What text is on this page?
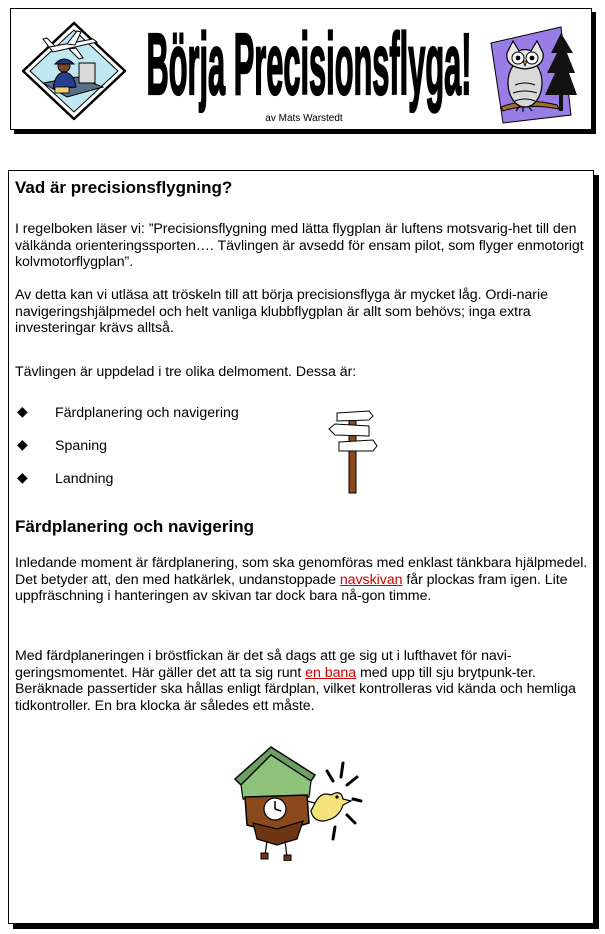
Börja Precisionsflyga!
av Mats Warstedt
Vad är precisionsflygning?

I regelboken läser vi: ”Precisionsflygning med lätta flygplan är luftens motsvarig-het till den välkända orienteringssporten…. Tävlingen är avsedd för ensam pilot, som flyger enmotorigt kolvmotorflygplan”.

Av detta kan vi utläsa att tröskeln till att börja precisionsflyga är mycket låg. Ordi-narie navigeringshjälpmedel och helt vanliga klubbflygplan är allt som behövs; inga extra investeringar krävs alltså.

Tävlingen är uppdelad i tre olika delmoment. Dessa är:

◆ Färdplanering och navigering
◆ Spaning
◆ Landning
Färdplanering och navigering

Inledande moment är färdplanering, som ska genomföras med enklast tänkbara hjälpmedel. Det betyder att, den med hatkärlek, undanstoppade navskivan får plockas fram igen. Lite uppfräschning i hanteringen av skivan tar dock bara nå-gon timme.

Med färdplaneringen i bröstfickan är det så dags att ge sig ut i lufthavet för navi-geringsmomentet. Här gäller det att ta sig runt en bana med upp till sju brytpunk-ter. Beräknade passertider ska hållas enligt färdplan, vilket kontrolleras vid kända och hemliga tidkontroller. En bra klocka är således ett måste.
